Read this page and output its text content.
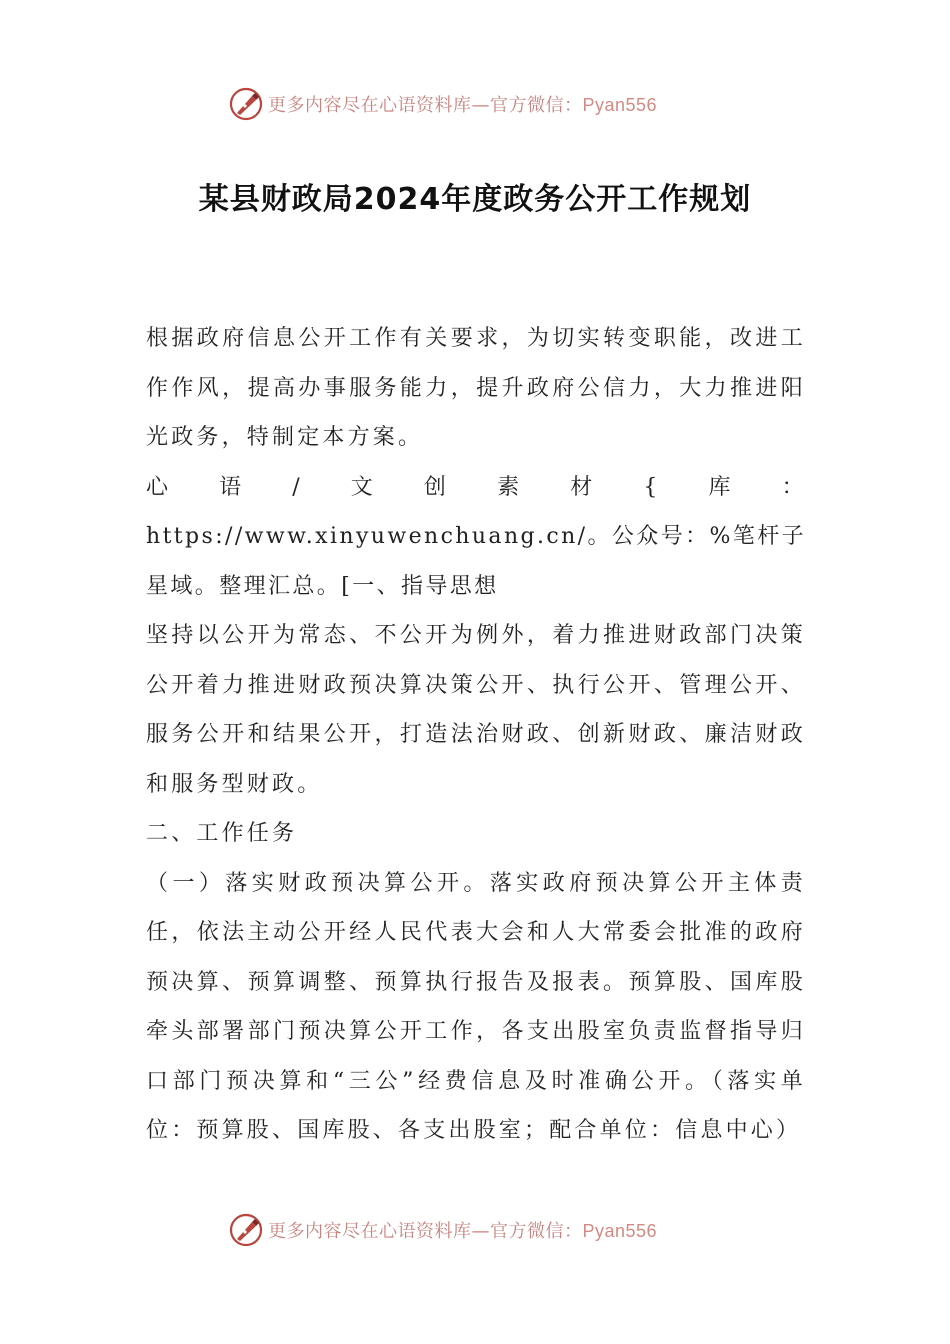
更多内容尽在心语资料库—官方微信：Pyan556
某县财政局2024年度政务公开工作规划

根据政府信息公开工作有关要求，为切实转变职能，改进工作作风，提高办事服务能力，提升政府公信力，大力推进阳光政务，特制定本方案。

心语/文创素材{库：https://www.xinyuwenchuang.cn/。公众号：%笔杆子星域。整理汇总。[一、指导思想

坚持以公开为常态、不公开为例外，着力推进财政部门决策公开着力推进财政预决算决策公开、执行公开、管理公开、服务公开和结果公开，打造法治财政、创新财政、廉洁财政和服务型财政。

二、工作任务

（一）落实财政预决算公开。落实政府预决算公开主体责任，依法主动公开经人民代表大会和人大常委会批准的政府预决算、预算调整、预算执行报告及报表。预算股、国库股牵头部署部门预决算公开工作，各支出股室负责监督指导归口部门预决算和“三公”经费信息及时准确公开。（落实单位：预算股、国库股、各支出股室；配合单位：信息中心）

更多内容尽在心语资料库—官方微信：Pyan556
